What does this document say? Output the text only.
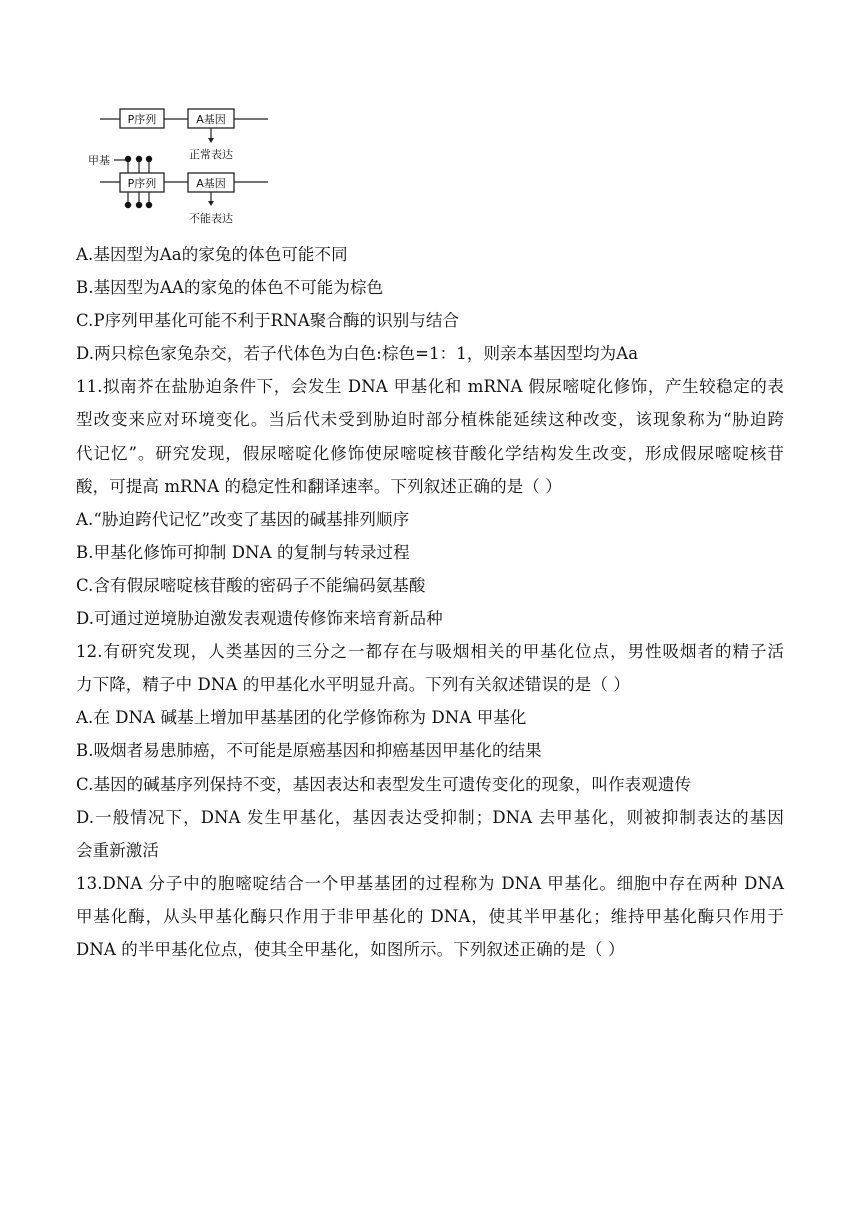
P序列	A基因
正常表达
甲基
P序列	A基因
不能表达
A.基因型为Aa的家兔的体色可能不同
B.基因型为AA的家兔的体色不可能为棕色
C.P序列甲基化可能不利于RNA聚合酶的识别与结合
D.两只棕色家兔杂交，若子代体色为白色:棕色=1：1，则亲本基因型均为Aa
11.拟南芥在盐胁迫条件下，会发生 DNA 甲基化和 mRNA 假尿嘧啶化修饰，产生较稳定的表
型改变来应对环境变化。当后代未受到胁迫时部分植株能延续这种改变，该现象称为“胁迫跨
代记忆”。研究发现，假尿嘧啶化修饰使尿嘧啶核苷酸化学结构发生改变，形成假尿嘧啶核苷
酸，可提高 mRNA 的稳定性和翻译速率。下列叙述正确的是（ ）
A.“胁迫跨代记忆”改变了基因的碱基排列顺序
B.甲基化修饰可抑制 DNA 的复制与转录过程
C.含有假尿嘧啶核苷酸的密码子不能编码氨基酸
D.可通过逆境胁迫激发表观遗传修饰来培育新品种
12.有研究发现，人类基因的三分之一都存在与吸烟相关的甲基化位点，男性吸烟者的精子活
力下降，精子中 DNA 的甲基化水平明显升高。下列有关叙述错误的是（ ）
A.在 DNA 碱基上增加甲基基团的化学修饰称为 DNA 甲基化
B.吸烟者易患肺癌，不可能是原癌基因和抑癌基因甲基化的结果
C.基因的碱基序列保持不变，基因表达和表型发生可遗传变化的现象，叫作表观遗传
D.一般情况下，DNA 发生甲基化，基因表达受抑制；DNA 去甲基化，则被抑制表达的基因
会重新激活
13.DNA 分子中的胞嘧啶结合一个甲基基团的过程称为 DNA 甲基化。细胞中存在两种 DNA
甲基化酶，从头甲基化酶只作用于非甲基化的 DNA，使其半甲基化；维持甲基化酶只作用于
DNA 的半甲基化位点，使其全甲基化，如图所示。下列叙述正确的是（ ）
